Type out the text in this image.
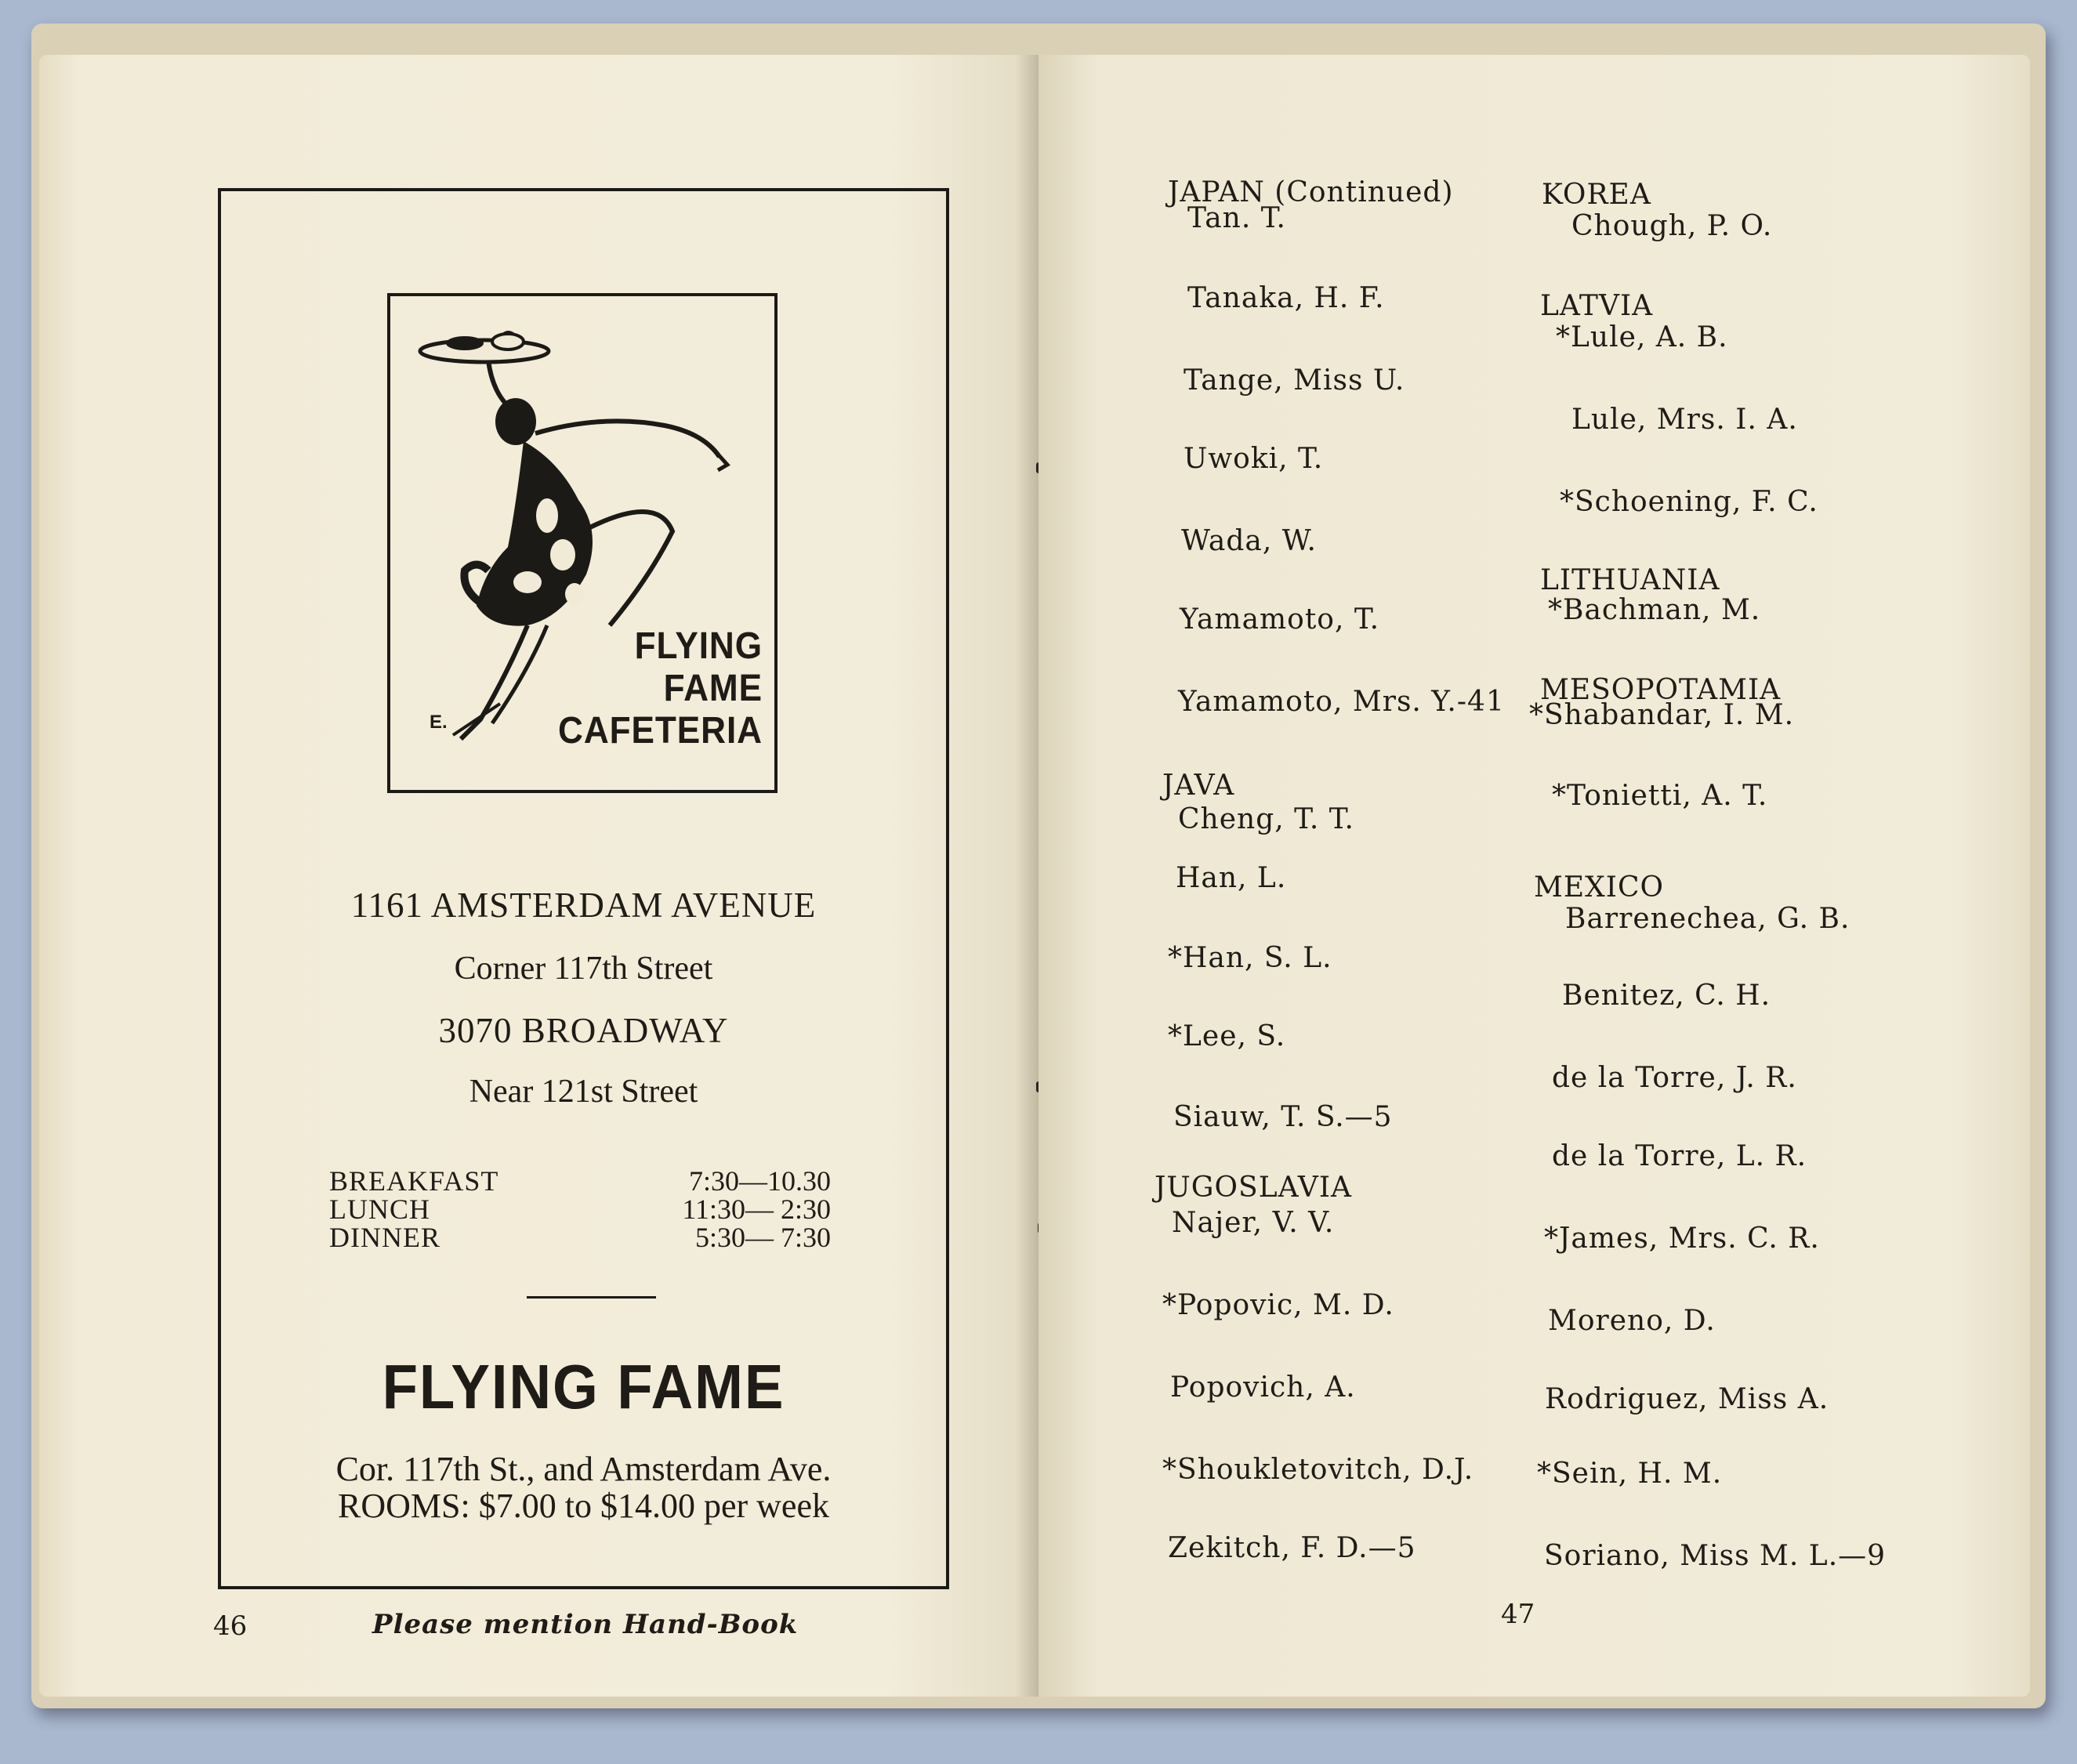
FLYING
FAME
CAFETERIA
E.
1161 AMSTERDAM AVENUE
Corner 117th Street
3070 BROADWAY
Near 121st Street
BREAKFAST	7:30—10.30
LUNCH	11:30— 2:30
DINNER	5:30— 7:30
FLYING FAME
Cor. 117th St., and Amsterdam Ave.
ROOMS: $7.00 to $14.00 per week
46	Please mention Hand-Book
JAPAN (Continued)
Tan. T.
Tanaka, H. F.
Tange, Miss U.
Uwoki, T.
Wada, W.
Yamamoto, T.
Yamamoto, Mrs. Y.-41
JAVA
Cheng, T. T.
Han, L.
*Han, S. L.
*Lee, S.
Siauw, T. S.—5
JUGOSLAVIA
Najer, V. V.
*Popovic, M. D.
Popovich, A.
*Shoukletovitch, D.J.
Zekitch, F. D.—5
KOREA
Chough, P. O.
LATVIA
*Lule, A. B.
Lule, Mrs. I. A.
*Schoening, F. C.
LITHUANIA
*Bachman, M.
MESOPOTAMIA
*Shabandar, I. M.
*Tonietti, A. T.
MEXICO
Barrenechea, G. B.
Benitez, C. H.
de la Torre, J. R.
de la Torre, L. R.
*James, Mrs. C. R.
Moreno, D.
Rodriguez, Miss A.
*Sein, H. M.
Soriano, Miss M. L.—9
47
